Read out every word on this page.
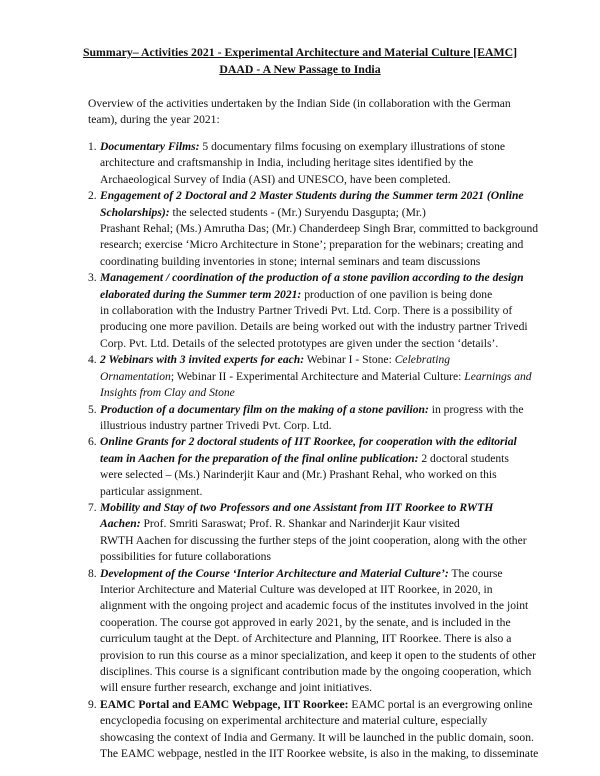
Summary– Activities 2021 - Experimental Architecture and Material Culture [EAMC]
DAAD - A New Passage to India
Overview of the activities undertaken by the Indian Side (in collaboration with the German
team), during the year 2021:
1. Documentary Films: 5 documentary films focusing on exemplary illustrations of stone
architecture and craftsmanship in India, including heritage sites identified by the
Archaeological Survey of India (ASI) and UNESCO, have been completed.
2. Engagement of 2 Doctoral and 2 Master Students during the Summer term 2021 (Online
Scholarships): the selected students - (Mr.) Suryendu Dasgupta; (Mr.)
Prashant Rehal; (Ms.) Amrutha Das; (Mr.) Chanderdeep Singh Brar, committed to background
research; exercise ‘Micro Architecture in Stone’; preparation for the webinars; creating and
coordinating building inventories in stone; internal seminars and team discussions
3. Management / coordination of the production of a stone pavilion according to the design
elaborated during the Summer term 2021: production of one pavilion is being done
in collaboration with the Industry Partner Trivedi Pvt. Ltd. Corp. There is a possibility of
producing one more pavilion. Details are being worked out with the industry partner Trivedi
Corp. Pvt. Ltd. Details of the selected prototypes are given under the section ‘details’.
4. 2 Webinars with 3 invited experts for each: Webinar I - Stone: Celebrating
Ornamentation; Webinar II - Experimental Architecture and Material Culture: Learnings and
Insights from Clay and Stone
5. Production of a documentary film on the making of a stone pavilion: in progress with the
illustrious industry partner Trivedi Pvt. Corp. Ltd.
6. Online Grants for 2 doctoral students of IIT Roorkee, for cooperation with the editorial
team in Aachen for the preparation of the final online publication: 2 doctoral students
were selected – (Ms.) Narinderjit Kaur and (Mr.) Prashant Rehal, who worked on this
particular assignment.
7. Mobility and Stay of two Professors and one Assistant from IIT Roorkee to RWTH
Aachen: Prof. Smriti Saraswat; Prof. R. Shankar and Narinderjit Kaur visited
RWTH Aachen for discussing the further steps of the joint cooperation, along with the other
possibilities for future collaborations
8. Development of the Course ‘Interior Architecture and Material Culture’: The course
Interior Architecture and Material Culture was developed at IIT Roorkee, in 2020, in
alignment with the ongoing project and academic focus of the institutes involved in the joint
cooperation. The course got approved in early 2021, by the senate, and is included in the
curriculum taught at the Dept. of Architecture and Planning, IIT Roorkee. There is also a
provision to run this course as a minor specialization, and keep it open to the students of other
disciplines. This course is a significant contribution made by the ongoing cooperation, which
will ensure further research, exchange and joint initiatives.
9. EAMC Portal and EAMC Webpage, IIT Roorkee: EAMC portal is an evergrowing online
encyclopedia focusing on experimental architecture and material culture, especially
showcasing the context of India and Germany. It will be launched in the public domain, soon.
The EAMC webpage, nestled in the IIT Roorkee website, is also in the making, to disseminate
